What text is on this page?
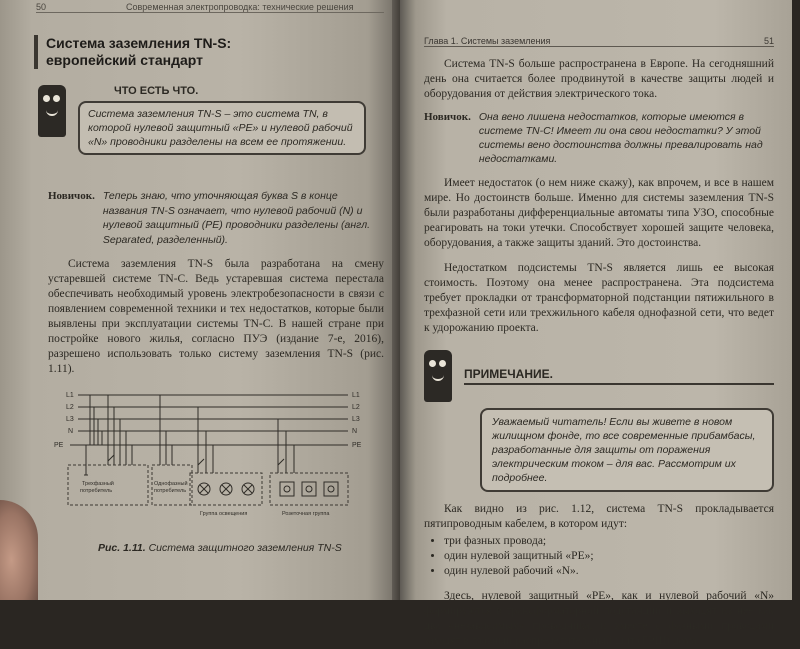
50	Современная электропроводка: технические решения
Система заземления TN-S:
европейский стандарт
ЧТО ЕСТЬ ЧТО.
Система заземления TN-S – это система TN, в которой нулевой защитный «PE» и нулевой рабочий «N» проводники разделены на всем ее протяжении.
Новичок. Теперь знаю, что уточняющая буква S в конце названия TN-S означает, что нулевой рабочий (N) и нулевой защитный (PE) проводники разделены (англ. Separated, разделенный).

Система заземления TN-S была разработана на смену устаревшей системе TN-C. Ведь устаревшая система перестала обеспечивать необходимый уровень электробезопасности в связи с появлением современной техники и тех недостатков, которые были выявлены при эксплуатации системы TN-C. В нашей стране при постройке нового жилья, согласно ПУЭ (издание 7-е, 2016), разрешено использовать только систему заземления TN-S (рис. 1.11).

L1
L2
L3
N
PE
L1
L2
L3
N
PE
Трехфазный
потребитель
Однофазный
потребитель
Группа освещения	Розеточная группа
Рис. 1.11. Система защитного заземления TN-S
Глава 1. Системы заземления	51

Система TN-S больше распространена в Европе. На сегодняшний день она считается более продвинутой в качестве защиты людей и оборудования от действия электрического тока.

Новичок. Она вено лишена недостатков, которые имеются в системе TN-C! Имеет ли она свои недостатки? У этой системы вено достоинства должны превалировать над недостатками.

Имеет недостаток (о нем ниже скажу), как впрочем, и все в нашем мире. Но достоинств больше. Именно для системы заземления TN-S были разработаны дифференциальные автоматы типа УЗО, способные реагировать на токи утечки. Способствует хорошей защите человека, оборудования, а также защиты зданий. Это достоинства.

Недостатком подсистемы TN-S является лишь ее высокая стоимость. Поэтому она менее распространена. Эта подсистема требует прокладки от трансформаторной подстанции пятижильного в трехфазной сети или трехжильного кабеля однофазной сети, что ведет к удорожанию проекта.

ПРИМЕЧАНИЕ.
Уважаемый читатель! Если вы живете в новом жилищном фонде, то все современные прибамбасы, разработанные для защиты от поражения электрическим током – для вас. Рассмотрим их подробнее.

Как видно из рис. 1.12, система TN-S прокладывается пятипроводным кабелем, в котором идут:

• три фазных провода;
• один нулевой защитный «PE»;
• один нулевой рабочий «N».

Здесь, нулевой защитный «PE», как и нулевой рабочий «N» формируются в трансформаторной подстанции и выходят из нее как два «независимых» проводника, и вместе с фазными проводами заходят в главный распределительный щит (ГРЩ) дома.
